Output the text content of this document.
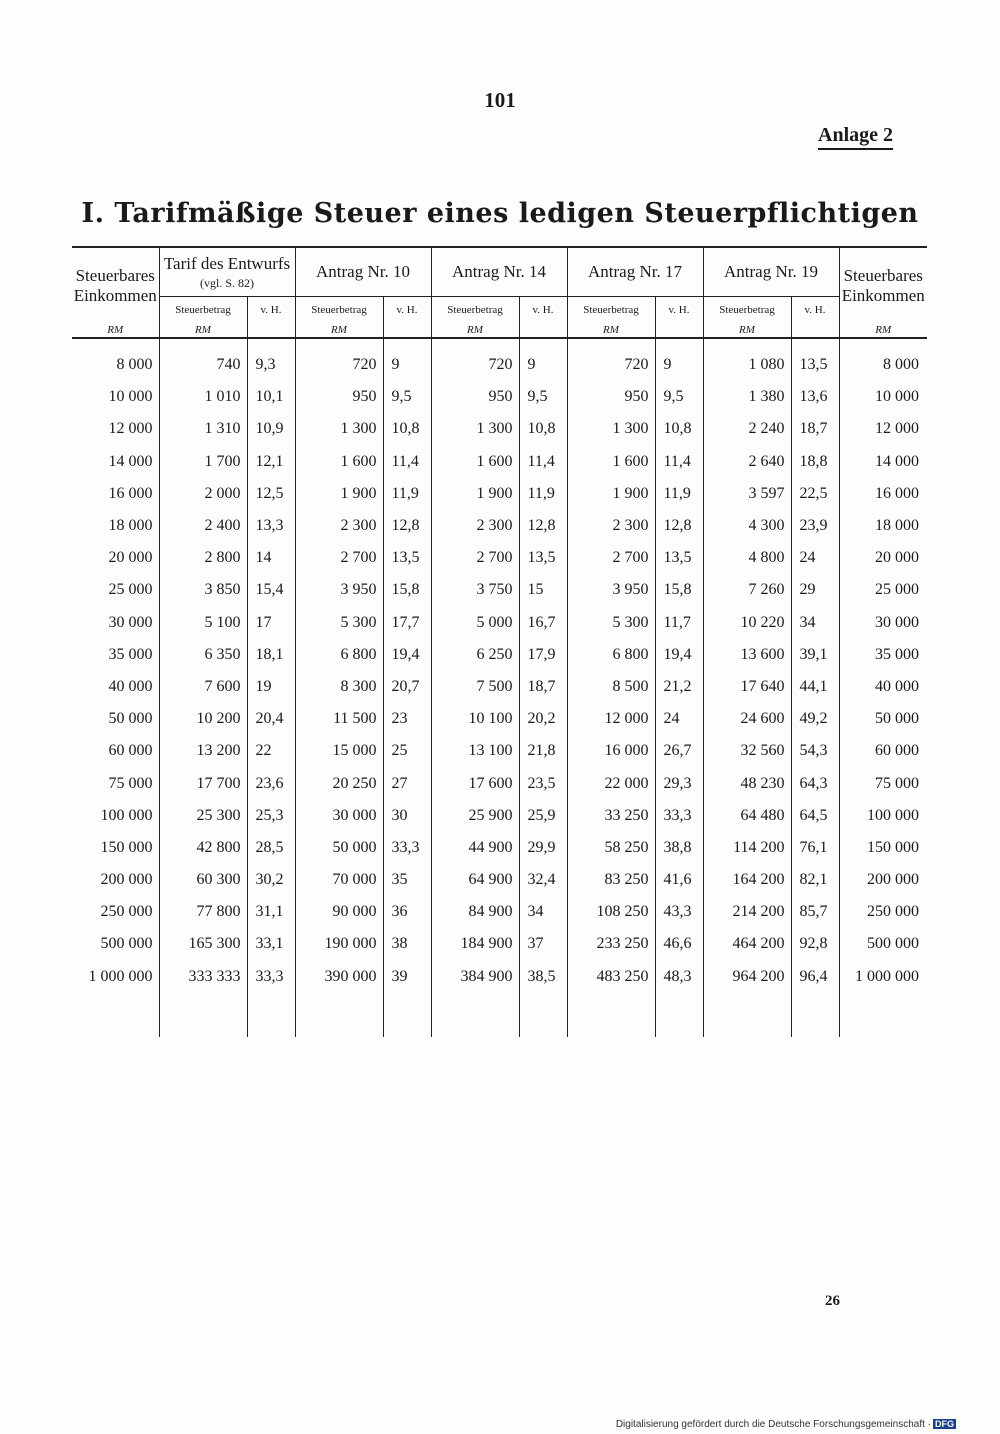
101
Anlage 2
I. Tarifmäßige Steuer eines ledigen Steuerpflichtigen
Steuerbares Einkommen	Tarif des Entwurfs
(vgl. S. 82)		Antrag Nr. 10		Antrag Nr. 14		Antrag Nr. 17		Antrag Nr. 19		Steuerbares Einkommen
	Steuerbetrag	v. H.	Steuerbetrag	v. H.	Steuerbetrag	v. H.	Steuerbetrag	v. H.	Steuerbetrag	v. H.	
RM	RM		RM		RM		RM		RM		RM
8 000	740	9,3	720	9	720	9	720	9	1 080	13,5	8 000
10 000	1 010	10,1	950	9,5	950	9,5	950	9,5	1 380	13,6	10 000
12 000	1 310	10,9	1 300	10,8	1 300	10,8	1 300	10,8	2 240	18,7	12 000
14 000	1 700	12,1	1 600	11,4	1 600	11,4	1 600	11,4	2 640	18,8	14 000
16 000	2 000	12,5	1 900	11,9	1 900	11,9	1 900	11,9	3 597	22,5	16 000
18 000	2 400	13,3	2 300	12,8	2 300	12,8	2 300	12,8	4 300	23,9	18 000
20 000	2 800	14	2 700	13,5	2 700	13,5	2 700	13,5	4 800	24	20 000
25 000	3 850	15,4	3 950	15,8	3 750	15	3 950	15,8	7 260	29	25 000
30 000	5 100	17	5 300	17,7	5 000	16,7	5 300	11,7	10 220	34	30 000
35 000	6 350	18,1	6 800	19,4	6 250	17,9	6 800	19,4	13 600	39,1	35 000
40 000	7 600	19	8 300	20,7	7 500	18,7	8 500	21,2	17 640	44,1	40 000
50 000	10 200	20,4	11 500	23	10 100	20,2	12 000	24	24 600	49,2	50 000
60 000	13 200	22	15 000	25	13 100	21,8	16 000	26,7	32 560	54,3	60 000
75 000	17 700	23,6	20 250	27	17 600	23,5	22 000	29,3	48 230	64,3	75 000
100 000	25 300	25,3	30 000	30	25 900	25,9	33 250	33,3	64 480	64,5	100 000
150 000	42 800	28,5	50 000	33,3	44 900	29,9	58 250	38,8	114 200	76,1	150 000
200 000	60 300	30,2	70 000	35	64 900	32,4	83 250	41,6	164 200	82,1	200 000
250 000	77 800	31,1	90 000	36	84 900	34	108 250	43,3	214 200	85,7	250 000
500 000	165 300	33,1	190 000	38	184 900	37	233 250	46,6	464 200	92,8	500 000
1 000 000	333 333	33,3	390 000	39	384 900	38,5	483 250	48,3	964 200	96,4	1 000 000

26
Digitalisierung gefördert durch die Deutsche Forschungsgemeinschaft · DFG
